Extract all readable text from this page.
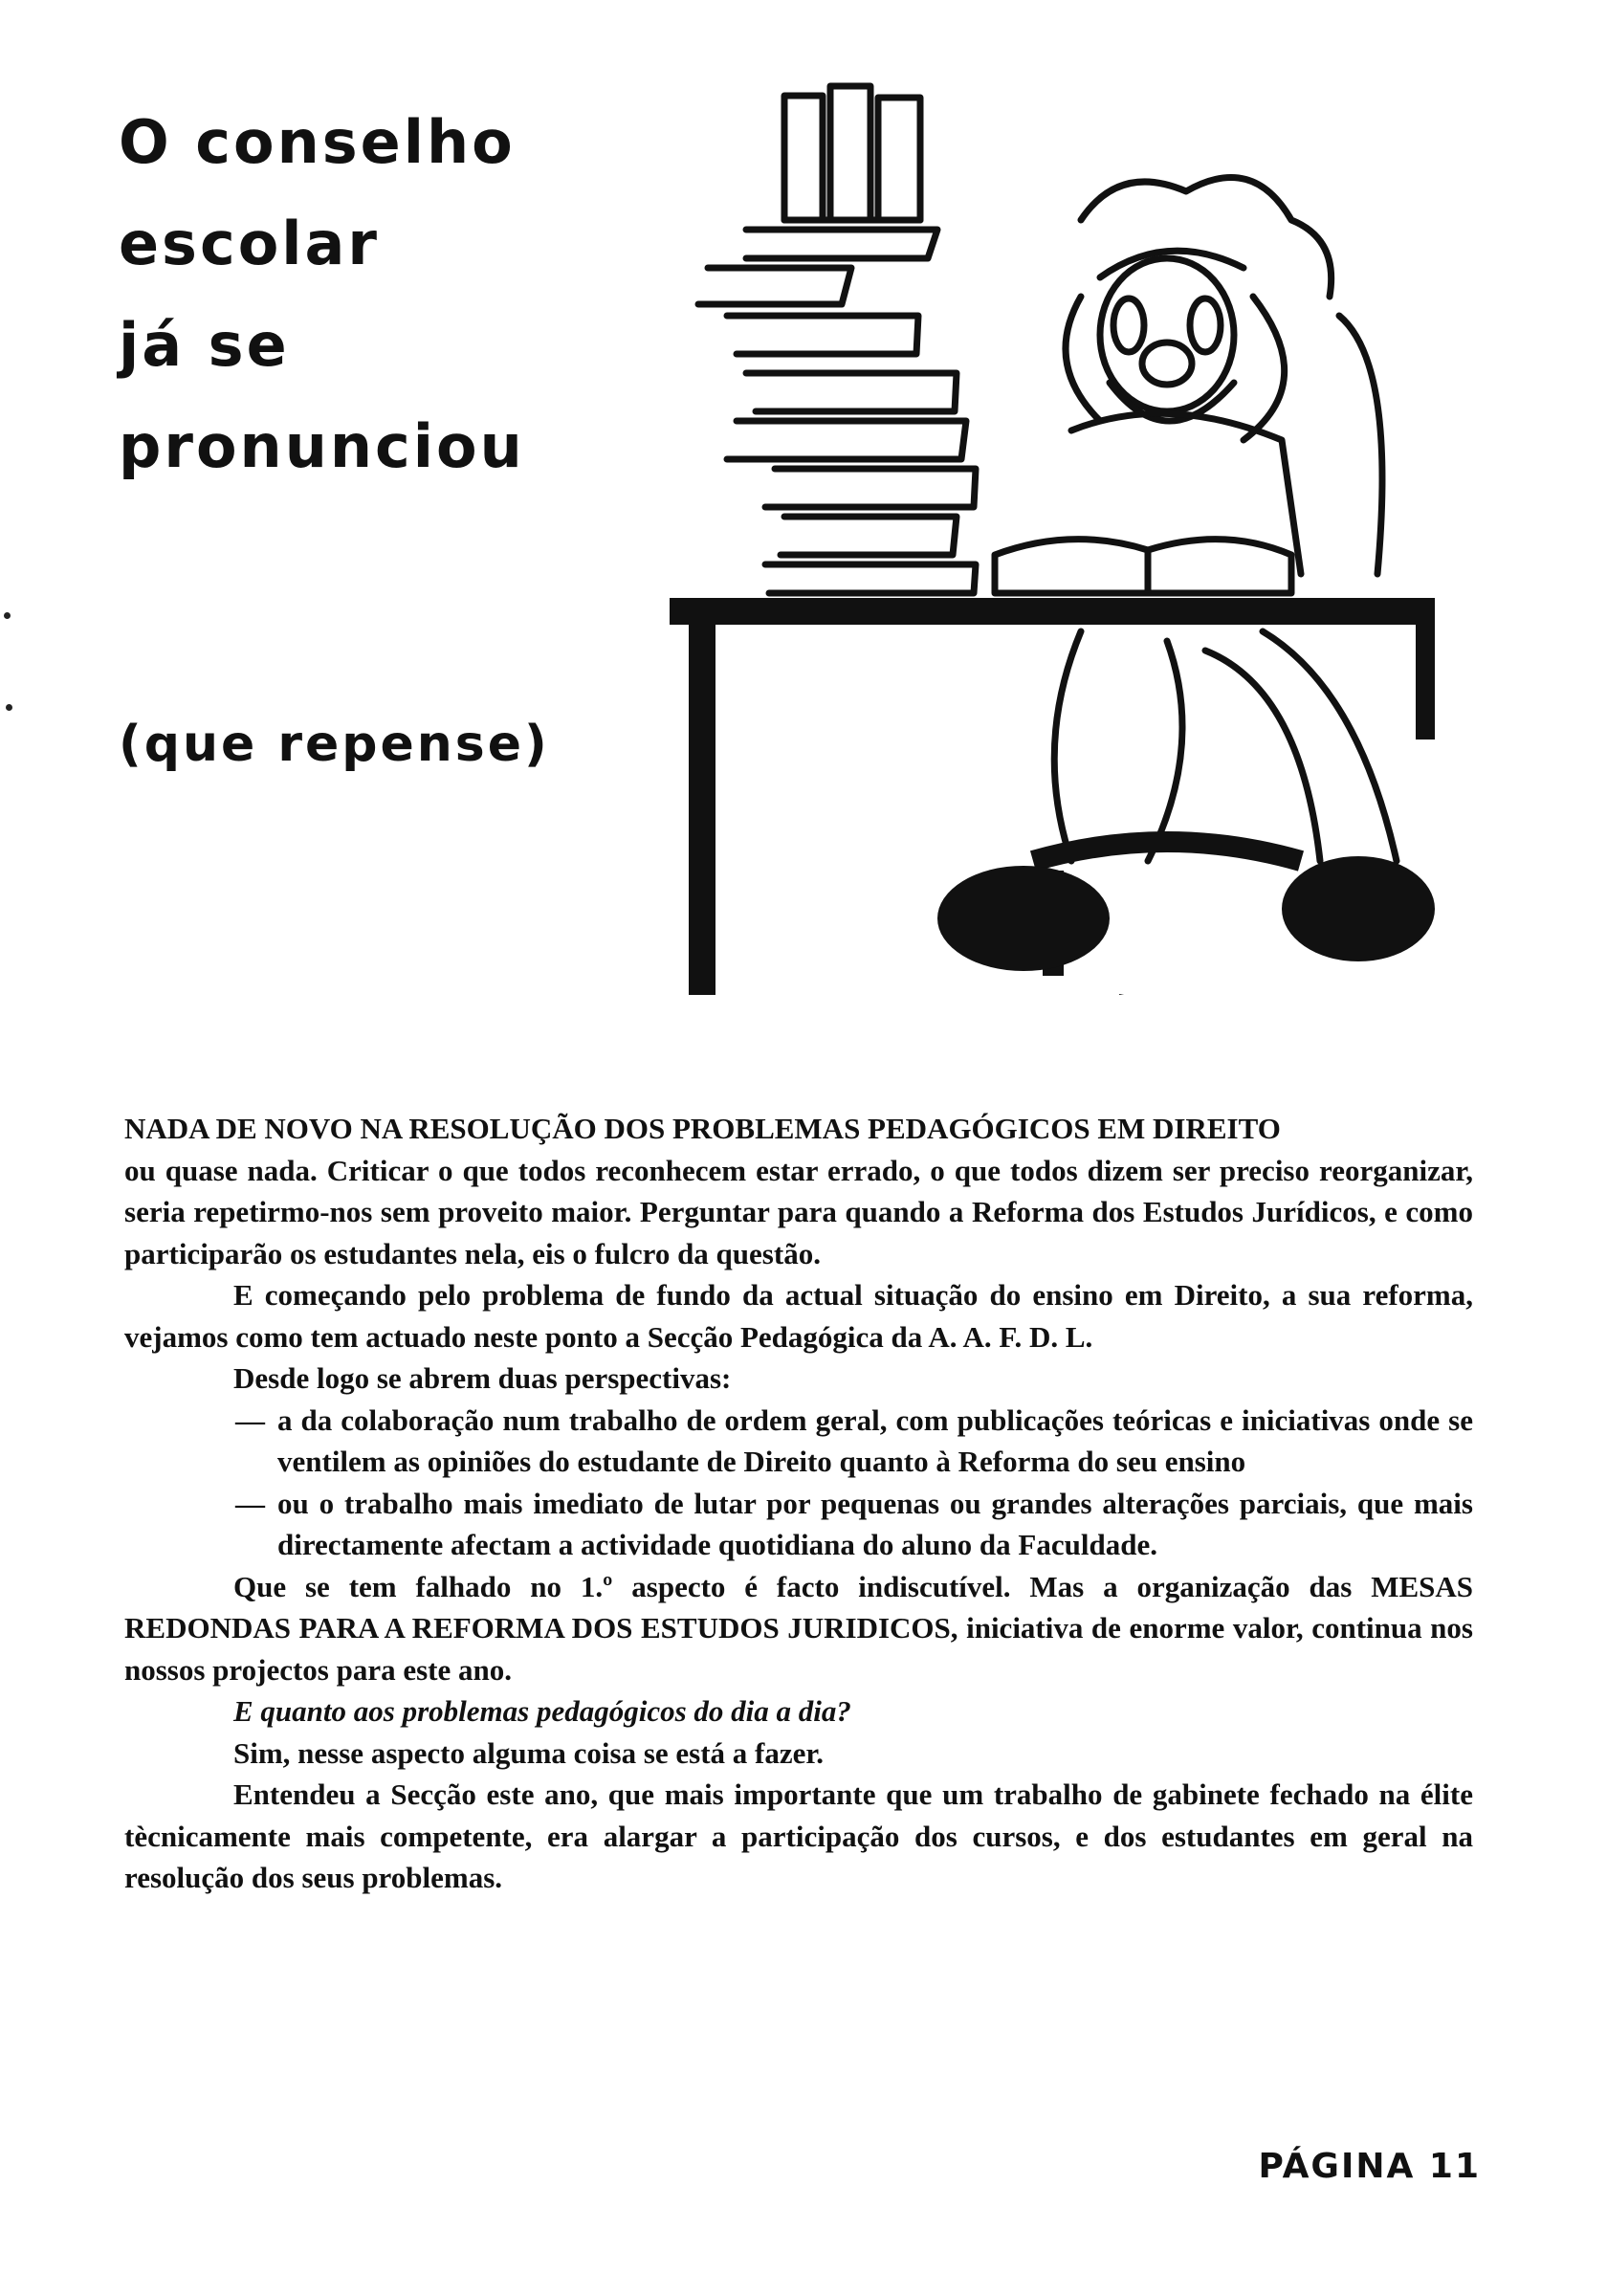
O conselho
escolar
já se
pronunciou
(que repense)

NADA DE NOVO NA RESOLUÇÃO DOS PROBLEMAS PEDAGÓGICOS EM DIREITO

ou quase nada. Criticar o que todos reconhecem estar errado, o que todos dizem ser preciso reorganizar, seria repetirmo-nos sem proveito maior. Perguntar para quando a Reforma dos Estudos Jurídicos, e como participarão os estudantes nela, eis o fulcro da questão.

E começando pelo problema de fundo da actual situação do ensino em Direito, a sua reforma, vejamos como tem actuado neste ponto a Secção Pedagógica da A. A. F. D. L.

Desde logo se abrem duas perspectivas:

— a da colaboração num trabalho de ordem geral, com publicações teóricas e iniciativas onde se ventilem as opiniões do estudante de Direito quanto à Reforma do seu ensino

— ou o trabalho mais imediato de lutar por pequenas ou grandes alterações parciais, que mais directamente afectam a actividade quotidiana do aluno da Faculdade.

Que se tem falhado no 1.º aspecto é facto indiscutível. Mas a organização das MESAS REDONDAS PARA A REFORMA DOS ESTUDOS JURIDICOS, iniciativa de enorme valor, continua nos nossos projectos para este ano.

E quanto aos problemas pedagógicos do dia a dia?

Sim, nesse aspecto alguma coisa se está a fazer.

Entendeu a Secção este ano, que mais importante que um trabalho de gabinete fechado na élite tècnicamente mais competente, era alargar a participação dos cursos, e dos estudantes em geral na resolução dos seus problemas.

PÁGINA 11
